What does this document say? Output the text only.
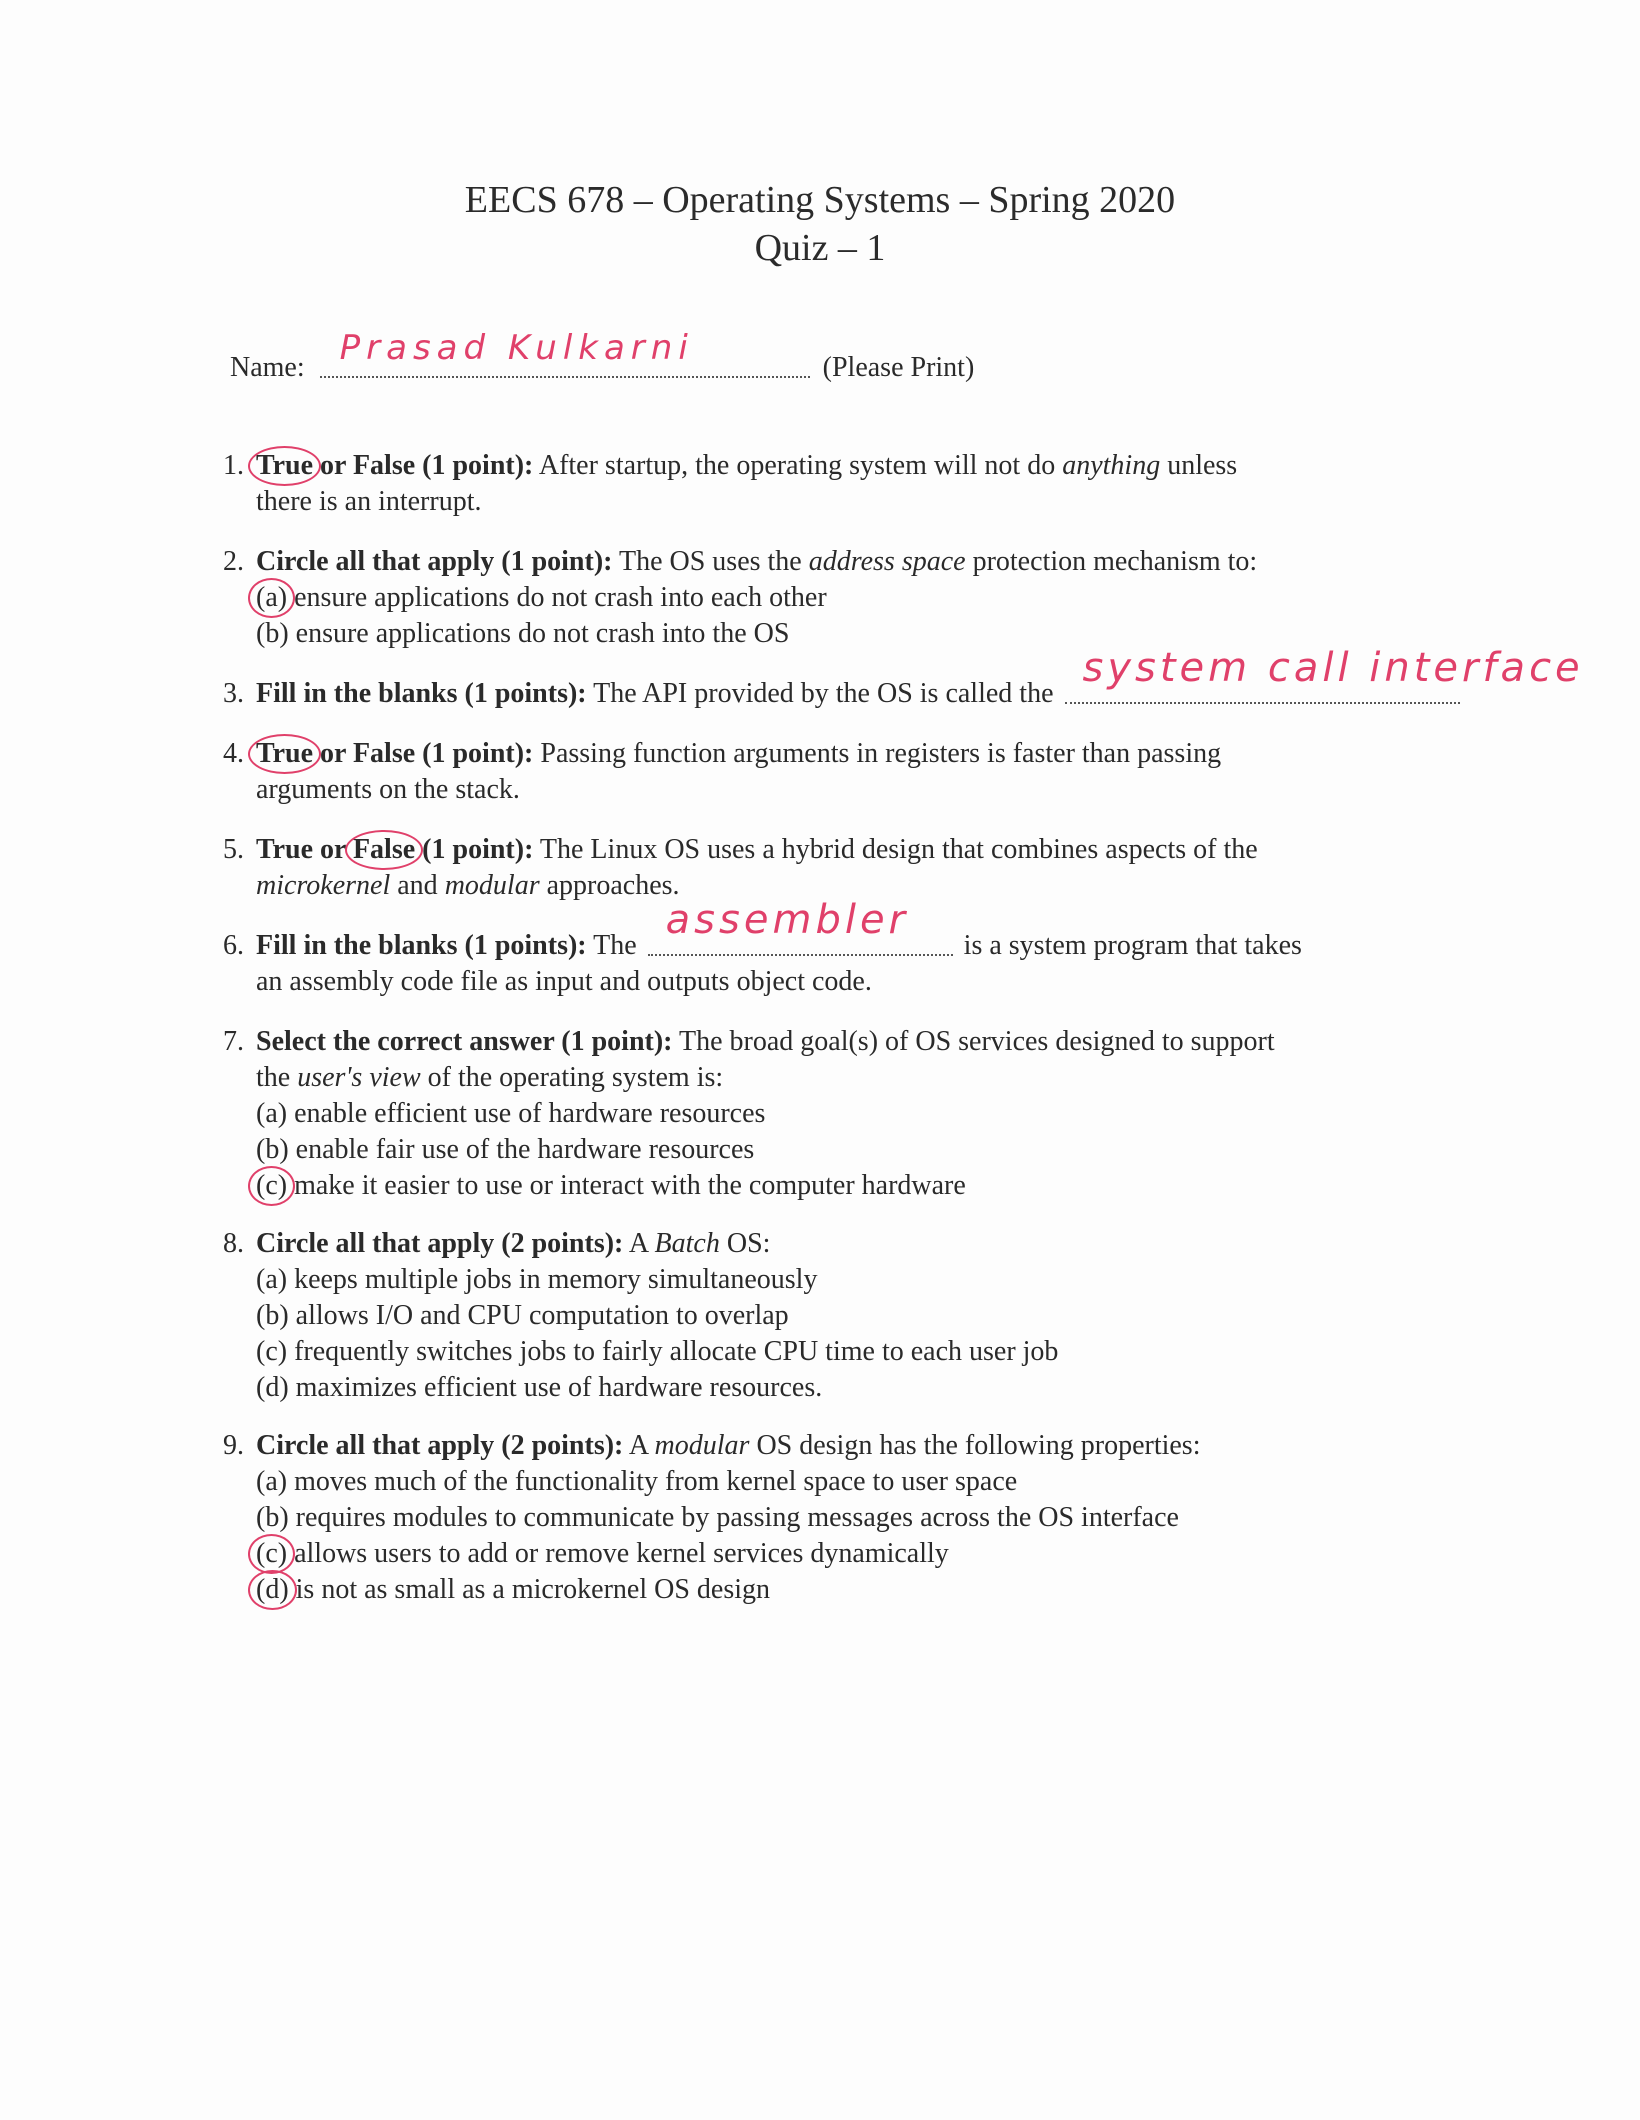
EECS 678 – Operating Systems – Spring 2020
Quiz – 1
Name: Prasad Kulkarni	(Please Print)
1. True or False (1 point): After startup, the operating system will not do anything unless
there is an interrupt.
2. Circle all that apply (1 point): The OS uses the address space protection mechanism to:
(a) ensure applications do not crash into each other
(b) ensure applications do not crash into the OS
3. Fill in the blanks (1 points): The API provided by the OS is called the
system call interface
4. True or False (1 point): Passing function arguments in registers is faster than passing
arguments on the stack.
5. True or False (1 point): The Linux OS uses a hybrid design that combines aspects of the
microkernel and modular approaches.
6. Fill in the blanks (1 points): The
assembler
is a system program that takes
an assembly code file as input and outputs object code.
7. Select the correct answer (1 point): The broad goal(s) of OS services designed to support
the user's view of the operating system is:
(a) enable efficient use of hardware resources
(b) enable fair use of the hardware resources
(c) make it easier to use or interact with the computer hardware
8. Circle all that apply (2 points): A Batch OS:
(a) keeps multiple jobs in memory simultaneously
(b) allows I/O and CPU computation to overlap
(c) frequently switches jobs to fairly allocate CPU time to each user job
(d) maximizes efficient use of hardware resources.
9. Circle all that apply (2 points): A modular OS design has the following properties:
(a) moves much of the functionality from kernel space to user space
(b) requires modules to communicate by passing messages across the OS interface
(c) allows users to add or remove kernel services dynamically
(d) is not as small as a microkernel OS design
